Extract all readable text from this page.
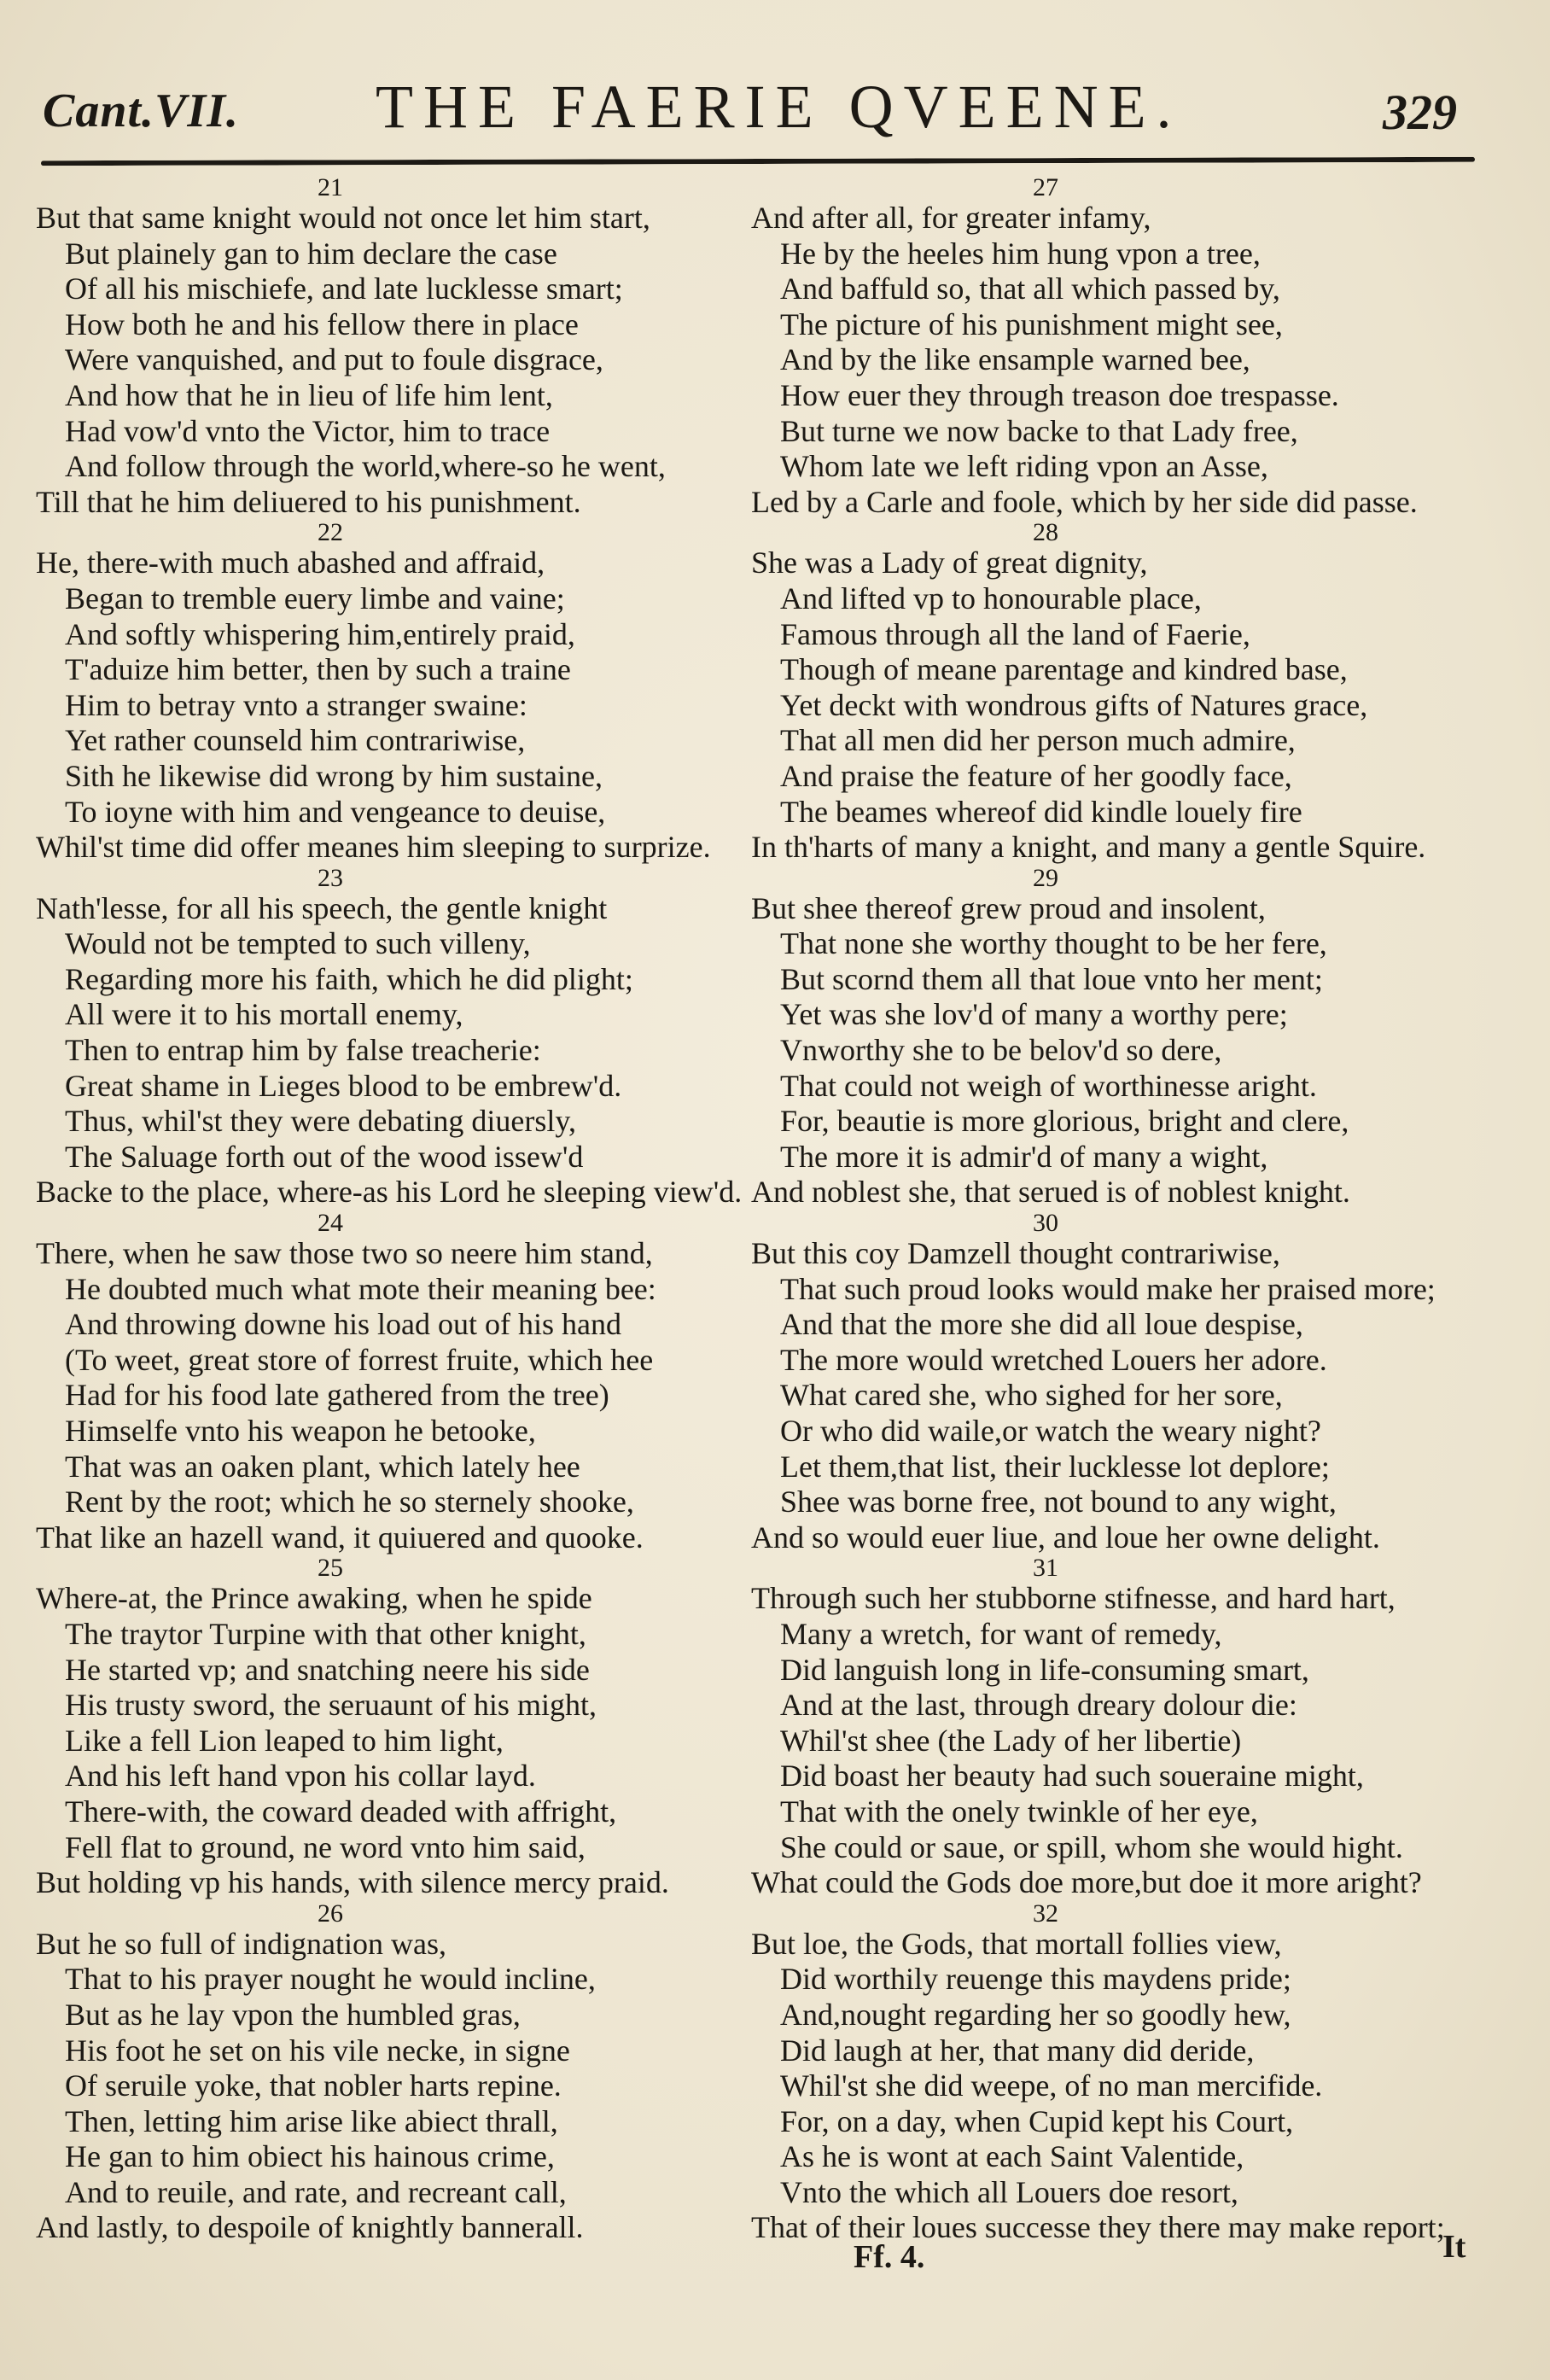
Cant.VII. THE FAERIE QVEENE.	329
21
But that same knight would not once let him start,
But plainely gan to him declare the case
Of all his mischiefe, and late lucklesse smart;
How both he and his fellow there in place
Were vanquished, and put to foule disgrace,
And how that he in lieu of life him lent,
Had vow'd vnto the Victor, him to trace
And follow through the world,where-so he went,
Till that he him deliuered to his punishment.
22
He, there-with much abashed and affraid,
Began to tremble euery limbe and vaine;
And softly whispering him,entirely praid,
T'aduize him better, then by such a traine
Him to betray vnto a stranger swaine:
Yet rather counseld him contrariwise,
Sith he likewise did wrong by him sustaine,
To ioyne with him and vengeance to deuise,
Whil'st time did offer meanes him sleeping to surprize.
23
Nath'lesse, for all his speech, the gentle knight
Would not be tempted to such villeny,
Regarding more his faith, which he did plight;
All were it to his mortall enemy,
Then to entrap him by false treacherie:
Great shame in Lieges blood to be embrew'd.
Thus, whil'st they were debating diuersly,
The Saluage forth out of the wood issew'd
Backe to the place, where-as his Lord he sleeping view'd.
24
There, when he saw those two so neere him stand,
He doubted much what mote their meaning bee:
And throwing downe his load out of his hand
(To weet, great store of forrest fruite, which hee
Had for his food late gathered from the tree)
Himselfe vnto his weapon he betooke,
That was an oaken plant, which lately hee
Rent by the root; which he so sternely shooke,
That like an hazell wand, it quiuered and quooke.
25
Where-at, the Prince awaking, when he spide
The traytor Turpine with that other knight,
He started vp; and snatching neere his side
His trusty sword, the seruaunt of his might,
Like a fell Lion leaped to him light,
And his left hand vpon his collar layd.
There-with, the coward deaded with affright,
Fell flat to ground, ne word vnto him said,
But holding vp his hands, with silence mercy praid.
26
But he so full of indignation was,
That to his prayer nought he would incline,
But as he lay vpon the humbled gras,
His foot he set on his vile necke, in signe
Of seruile yoke, that nobler harts repine.
Then, letting him arise like abiect thrall,
He gan to him obiect his hainous crime,
And to reuile, and rate, and recreant call,
And lastly, to despoile of knightly bannerall.
27
And after all, for greater infamy,
He by the heeles him hung vpon a tree,
And baffuld so, that all which passed by,
The picture of his punishment might see,
And by the like ensample warned bee,
How euer they through treason doe trespasse.
But turne we now backe to that Lady free,
Whom late we left riding vpon an Asse,
Led by a Carle and foole, which by her side did passe.
28
She was a Lady of great dignity,
And lifted vp to honourable place,
Famous through all the land of Faerie,
Though of meane parentage and kindred base,
Yet deckt with wondrous gifts of Natures grace,
That all men did her person much admire,
And praise the feature of her goodly face,
The beames whereof did kindle louely fire
In th'harts of many a knight, and many a gentle Squire.
29
But shee thereof grew proud and insolent,
That none she worthy thought to be her fere,
But scornd them all that loue vnto her ment;
Yet was she lov'd of many a worthy pere;
Vnworthy she to be belov'd so dere,
That could not weigh of worthinesse aright.
For, beautie is more glorious, bright and clere,
The more it is admir'd of many a wight,
And noblest she, that serued is of noblest knight.
30
But this coy Damzell thought contrariwise,
That such proud looks would make her praised more;
And that the more she did all loue despise,
The more would wretched Louers her adore.
What cared she, who sighed for her sore,
Or who did waile,or watch the weary night?
Let them,that list, their lucklesse lot deplore;
Shee was borne free, not bound to any wight,
And so would euer liue, and loue her owne delight.
31
Through such her stubborne stifnesse, and hard hart,
Many a wretch, for want of remedy,
Did languish long in life-consuming smart,
And at the last, through dreary dolour die:
Whil'st shee (the Lady of her libertie)
Did boast her beauty had such soueraine might,
That with the onely twinkle of her eye,
She could or saue, or spill, whom she would hight.
What could the Gods doe more,but doe it more aright?
32
But loe, the Gods, that mortall follies view,
Did worthily reuenge this maydens pride;
And,nought regarding her so goodly hew,
Did laugh at her, that many did deride,
Whil'st she did weepe, of no man mercifide.
For, on a day, when Cupid kept his Court,
As he is wont at each Saint Valentide,
Vnto the which all Louers doe resort,
That of their loues successe they there may make report;
Ff. 4.	It
